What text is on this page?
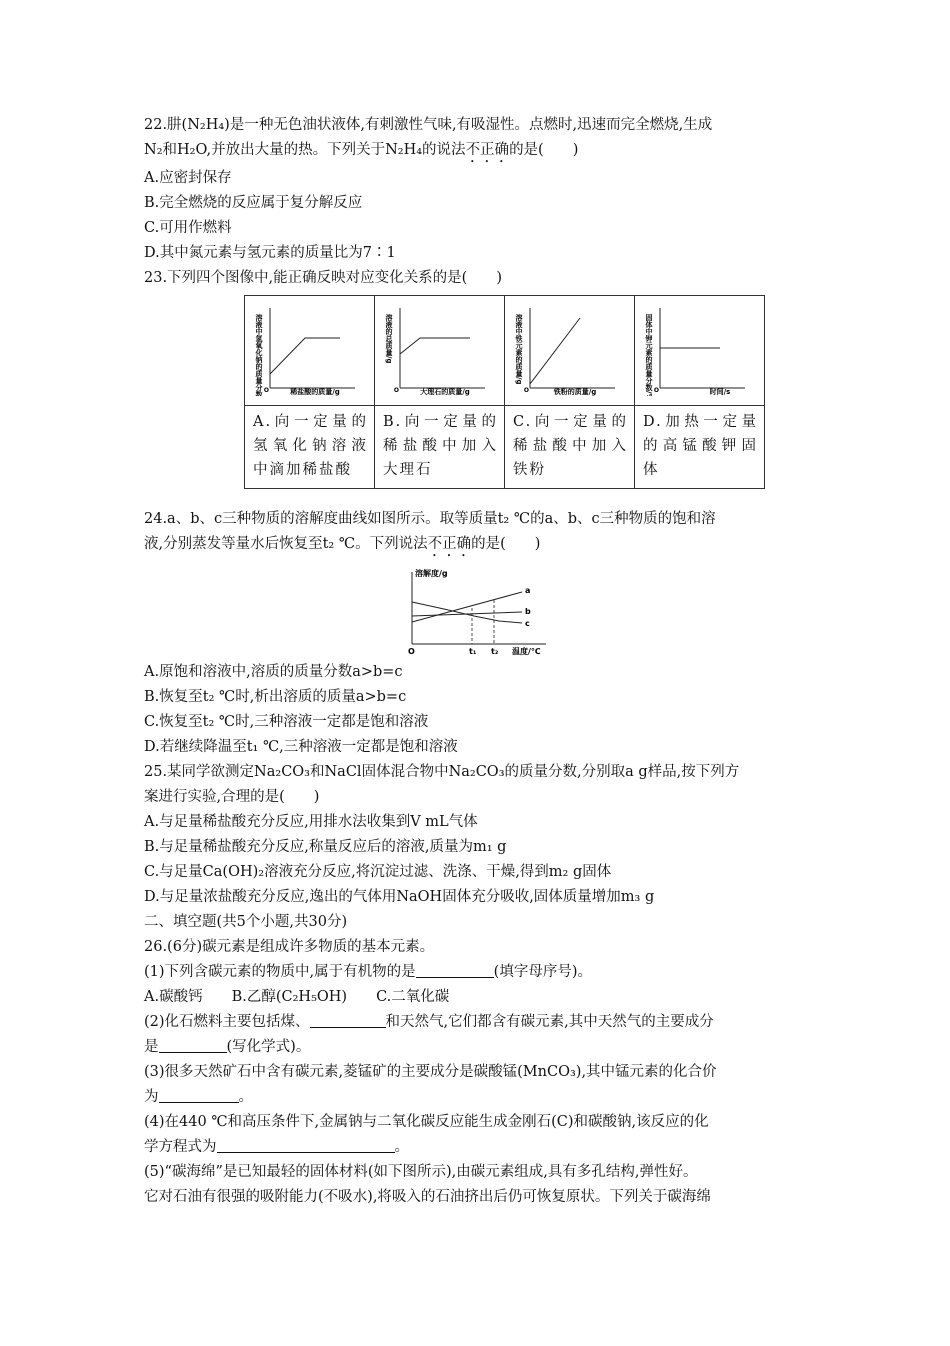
22.肼(N₂H₄)是一种无色油状液体,有刺激性气味,有吸湿性。点燃时,迅速而完全燃烧,生成
N₂和H₂O,并放出大量的热。下列关于N₂H₄的说法不正确的是(　　)
A.应密封保存
B.完全燃烧的反应属于复分解反应
C.可用作燃料
D.其中氮元素与氢元素的质量比为7∶1
23.下列四个图像中,能正确反映对应变化关系的是(　　)
O 稀盐酸的质量/g
溶液中氢氧化钠的质量分数/%	O 大理石的质量/g
溶液的总质量/g	O 铁粉的质量/g
溶液中铁元素的质量/g	O 时间/s
固体中钾元素的质量分数/%

A.向一定量的氢氧化钠溶液中滴加稀盐酸	B.向一定量的稀盐酸中加入大理石	C.向一定量的稀盐酸中加入铁粉	D.加热一定量的高锰酸钾固体
24.a、b、c三种物质的溶解度曲线如图所示。取等质量t₂ ℃的a、b、c三种物质的饱和溶
液,分别蒸发等量水后恢复至t₂ ℃。下列说法不正确的是(　　)
溶解度/g
O	t₁ t₂ 温度/℃
a
b
c
A.原饱和溶液中,溶质的质量分数a>b=c
B.恢复至t₂ ℃时,析出溶质的质量a>b=c
C.恢复至t₂ ℃时,三种溶液一定都是饱和溶液
D.若继续降温至t₁ ℃,三种溶液一定都是饱和溶液
25.某同学欲测定Na₂CO₃和NaCl固体混合物中Na₂CO₃的质量分数,分别取a g样品,按下列方
案进行实验,合理的是(　　)
A.与足量稀盐酸充分反应,用排水法收集到V mL气体
B.与足量稀盐酸充分反应,称量反应后的溶液,质量为m₁ g
C.与足量Ca(OH)₂溶液充分反应,将沉淀过滤、洗涤、干燥,得到m₂ g固体
D.与足量浓盐酸充分反应,逸出的气体用NaOH固体充分吸收,固体质量增加m₃ g
二、填空题(共5个小题,共30分)
26.(6分)碳元素是组成许多物质的基本元素。
(1)下列含碳元素的物质中,属于有机物的是	(填字母序号)。
A.碳酸钙　　 B.乙醇(C₂H₅OH)　　 C.二氧化碳
(2)化石燃料主要包括煤、	和天然气,它们都含有碳元素,其中天然气的主要成分
是	(写化学式)。
(3)很多天然矿石中含有碳元素,菱锰矿的主要成分是碳酸锰(MnCO₃),其中锰元素的化合价
为	。
(4)在440 ℃和高压条件下,金属钠与二氧化碳反应能生成金刚石(C)和碳酸钠,该反应的化
学方程式为	。
(5)“碳海绵”是已知最轻的固体材料(如下图所示),由碳元素组成,具有多孔结构,弹性好。
它对石油有很强的吸附能力(不吸水),将吸入的石油挤出后仍可恢复原状。下列关于碳海绵
